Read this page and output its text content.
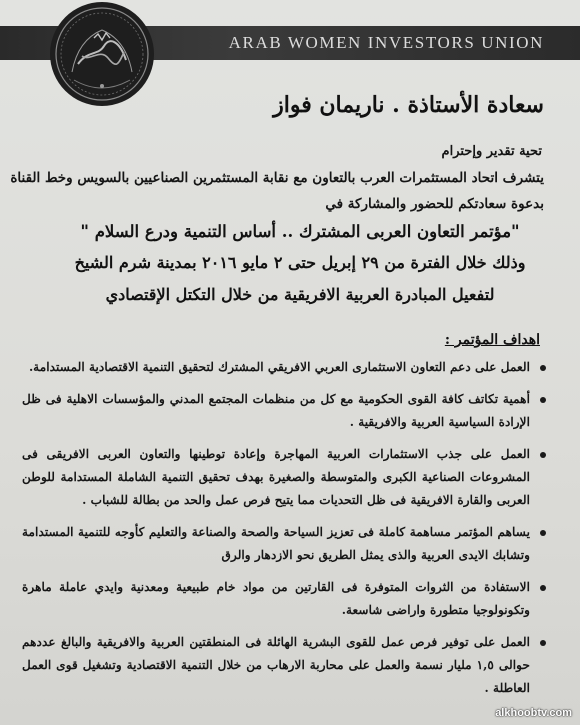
ARAB WOMEN INVESTORS UNION
سعادة الأستاذة . ناريمان فواز
تحية تقدير وإحترام
يتشرف اتحاد المستثمرات العرب بالتعاون مع نقابة المستثمرين الصناعيين بالسويس وخط القناة
بدعوة سعادتكم للحضور والمشاركة في
"مؤتمر التعاون العربى المشترك .. أساس التنمية ودرع السلام "
وذلك خلال الفترة من ٢٩ إبريل حتى ٢ مايو ٢٠١٦ بمدينة شرم الشيخ
لتفعيل المبادرة العربية الافريقية من خلال التكتل الإقتصادي
اهداف المؤتمر :
العمل على دعم التعاون الاستثمارى العربي الافريقي المشترك لتحقيق التنمية الاقتصادية المستدامة.
أهمية تكاتف كافة القوى الحكومية مع كل من منظمات المجتمع المدني والمؤسسات الاهلية فى ظل الإرادة السياسية العربية والافريقية .
العمل على جذب الاستثمارات العربية المهاجرة وإعادة توطينها والتعاون العربى الافريقى فى المشروعات الصناعية الكبرى والمتوسطة والصغيرة بهدف تحقيق التنمية الشاملة المستدامة للوطن العربى والقارة الافريقية فى ظل التحديات مما يتيح فرص عمل والحد من بطالة للشباب .
يساهم المؤتمر مساهمة كاملة فى تعزيز السياحة والصحة والصناعة والتعليم كأوجه للتنمية المستدامة وتشابك الايدى العربية والذى يمثل الطريق نحو الازدهار والرق
الاستفادة من الثروات المتوفرة فى القارتين من مواد خام طبيعية ومعدنية وايدي عاملة ماهرة وتكونولوجيا متطورة واراضى شاسعة.
العمل على توفير فرص عمل للقوى البشرية الهائلة فى المنطقتين العربية والافريقية والبالغ عددهم حوالى ١,٥ مليار نسمة والعمل على محاربة الارهاب من خلال التنمية الاقتصادية وتشغيل قوى العمل العاطلة .
alkhoobtv.com
